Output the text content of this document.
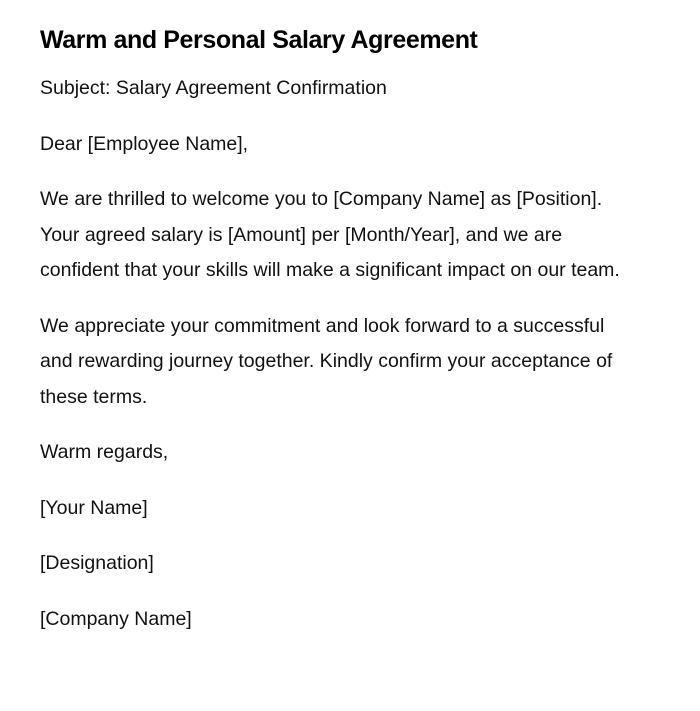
Warm and Personal Salary Agreement

Subject: Salary Agreement Confirmation

Dear [Employee Name],

We are thrilled to welcome you to [Company Name] as [Position]. Your agreed salary is [Amount] per [Month/Year], and we are confident that your skills will make a significant impact on our team.

We appreciate your commitment and look forward to a successful and rewarding journey together. Kindly confirm your acceptance of these terms.

Warm regards,

[Your Name]

[Designation]

[Company Name]
